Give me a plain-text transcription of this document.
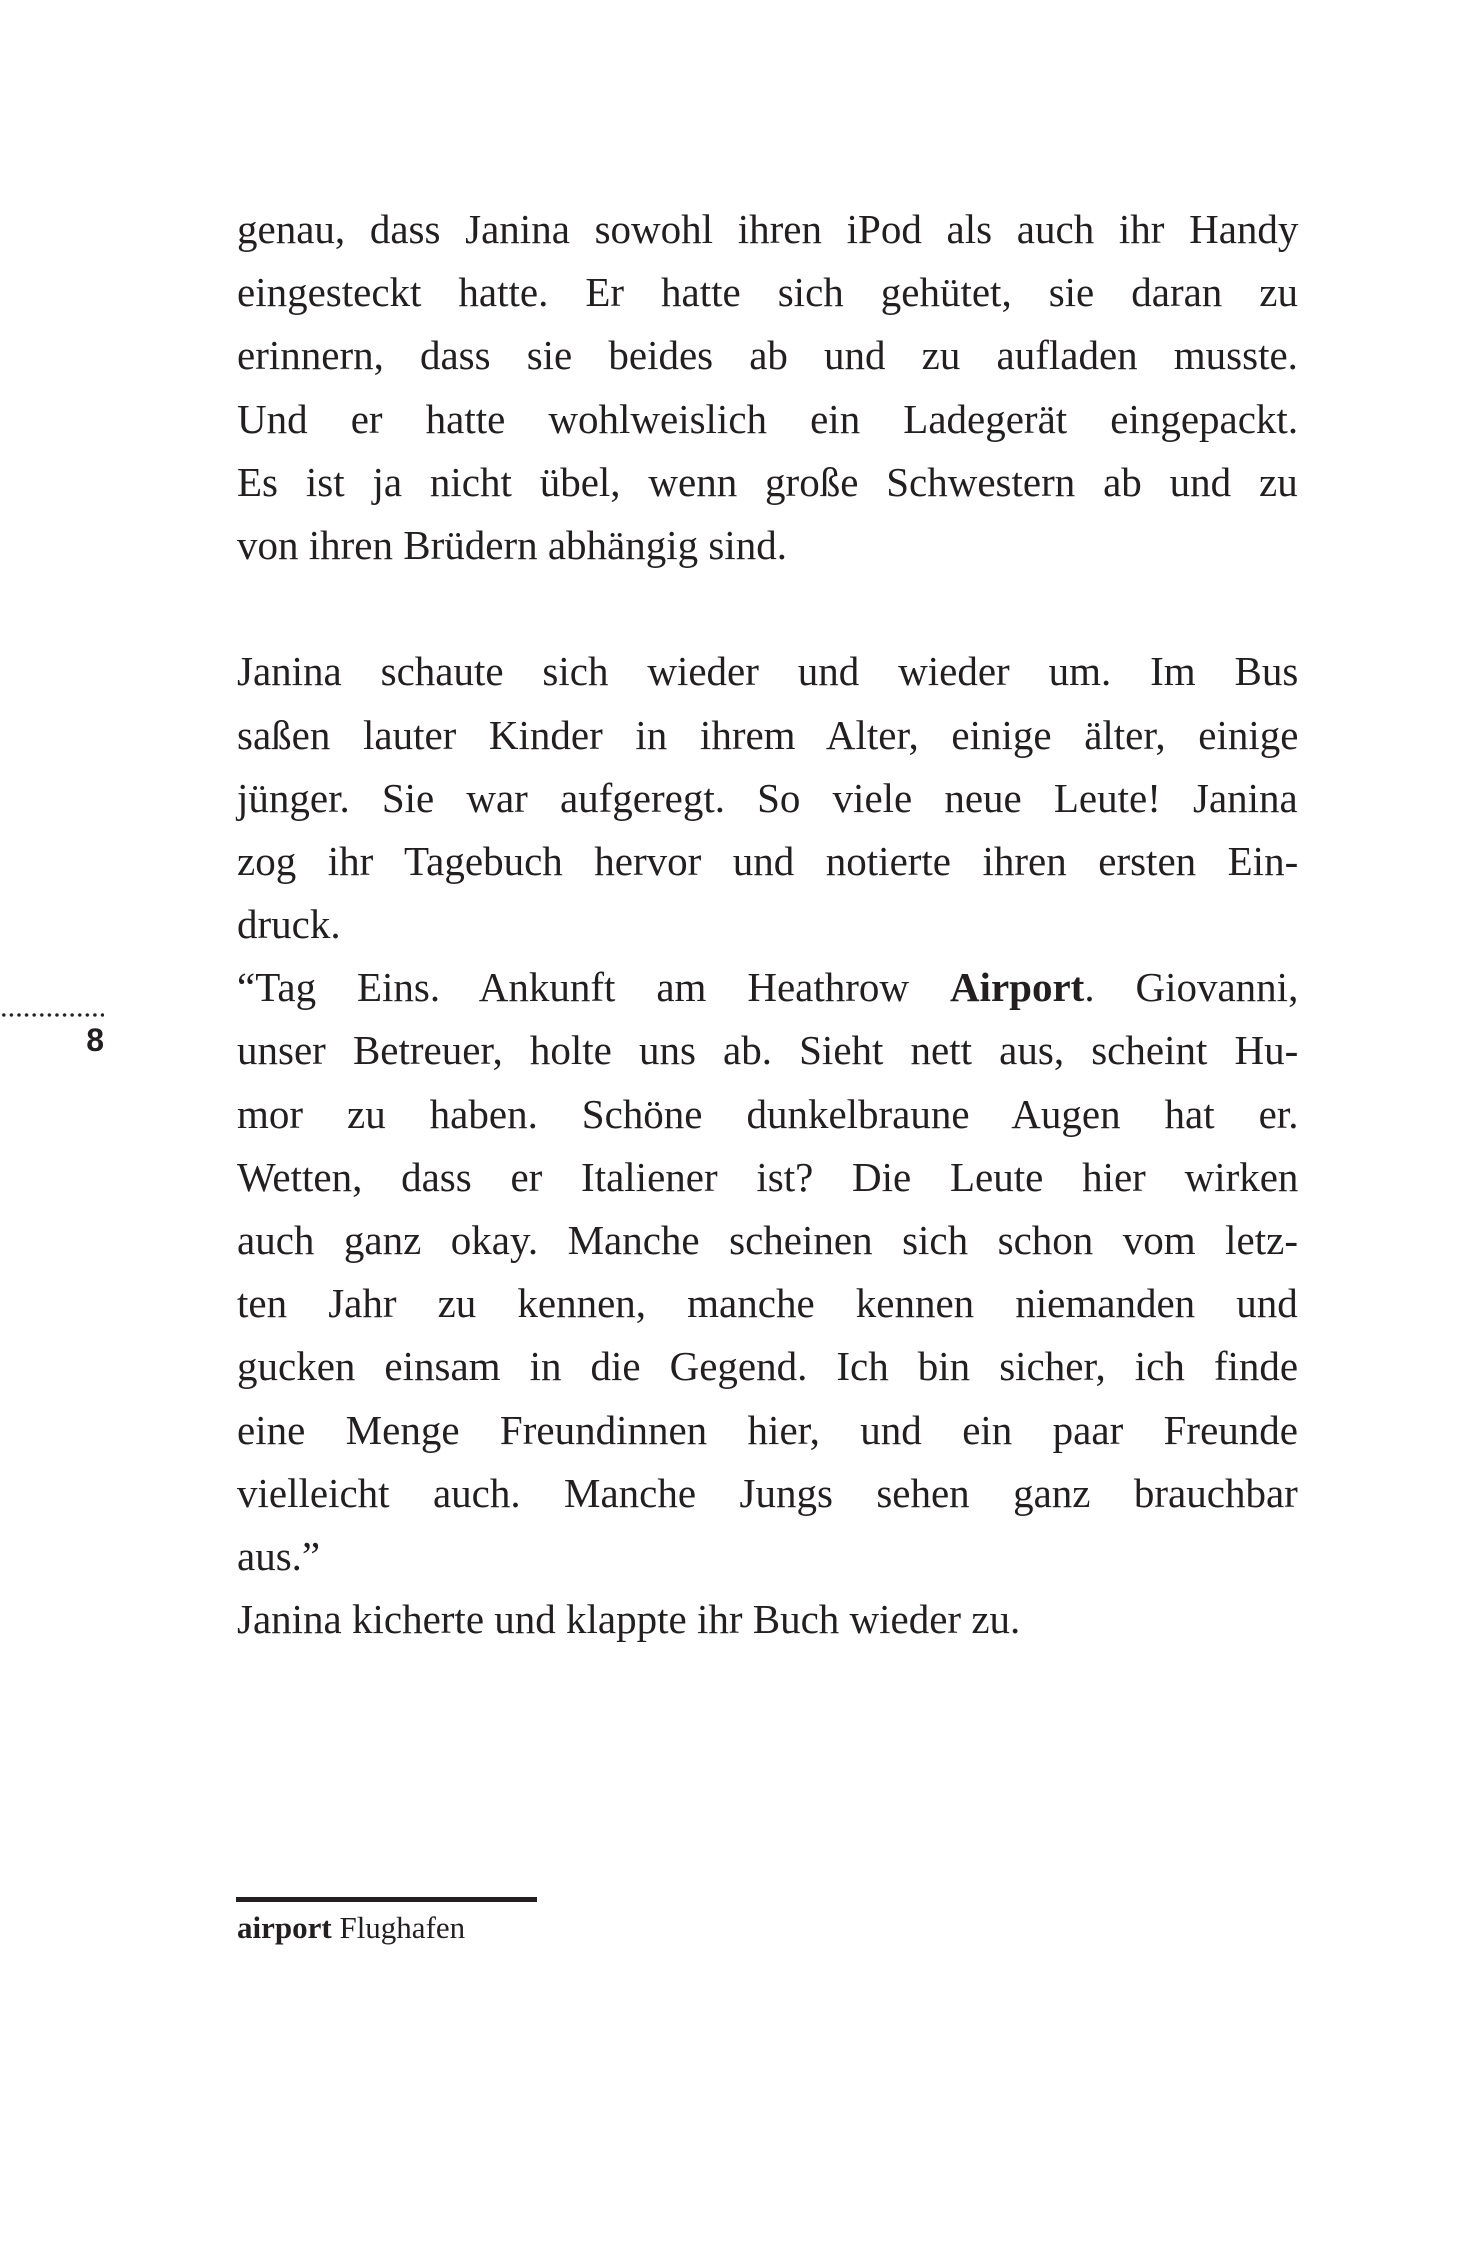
8
genau, dass Janina sowohl ihren iPod als auch ihr Handy
eingesteckt hatte. Er hatte sich gehütet, sie daran zu
erinnern, dass sie beides ab und zu aufladen musste.
Und er hatte wohlweislich ein Ladegerät eingepackt.
Es ist ja nicht übel, wenn große Schwestern ab und zu
von ihren Brüdern abhängig sind.
Janina schaute sich wieder und wieder um. Im Bus
saßen lauter Kinder in ihrem Alter, einige älter, einige
jünger. Sie war aufgeregt. So viele neue Leute! Janina
zog ihr Tagebuch hervor und notierte ihren ersten Ein-
druck.
“Tag Eins. Ankunft am Heathrow Airport. Giovanni,
unser Betreuer, holte uns ab. Sieht nett aus, scheint Hu-
mor zu haben. Schöne dunkelbraune Augen hat er.
Wetten, dass er Italiener ist? Die Leute hier wirken
auch ganz okay. Manche scheinen sich schon vom letz-
ten Jahr zu kennen, manche kennen niemanden und
gucken einsam in die Gegend. Ich bin sicher, ich finde
eine Menge Freundinnen hier, und ein paar Freunde
vielleicht auch. Manche Jungs sehen ganz brauchbar
aus.”
Janina kicherte und klappte ihr Buch wieder zu.
airport Flughafen
